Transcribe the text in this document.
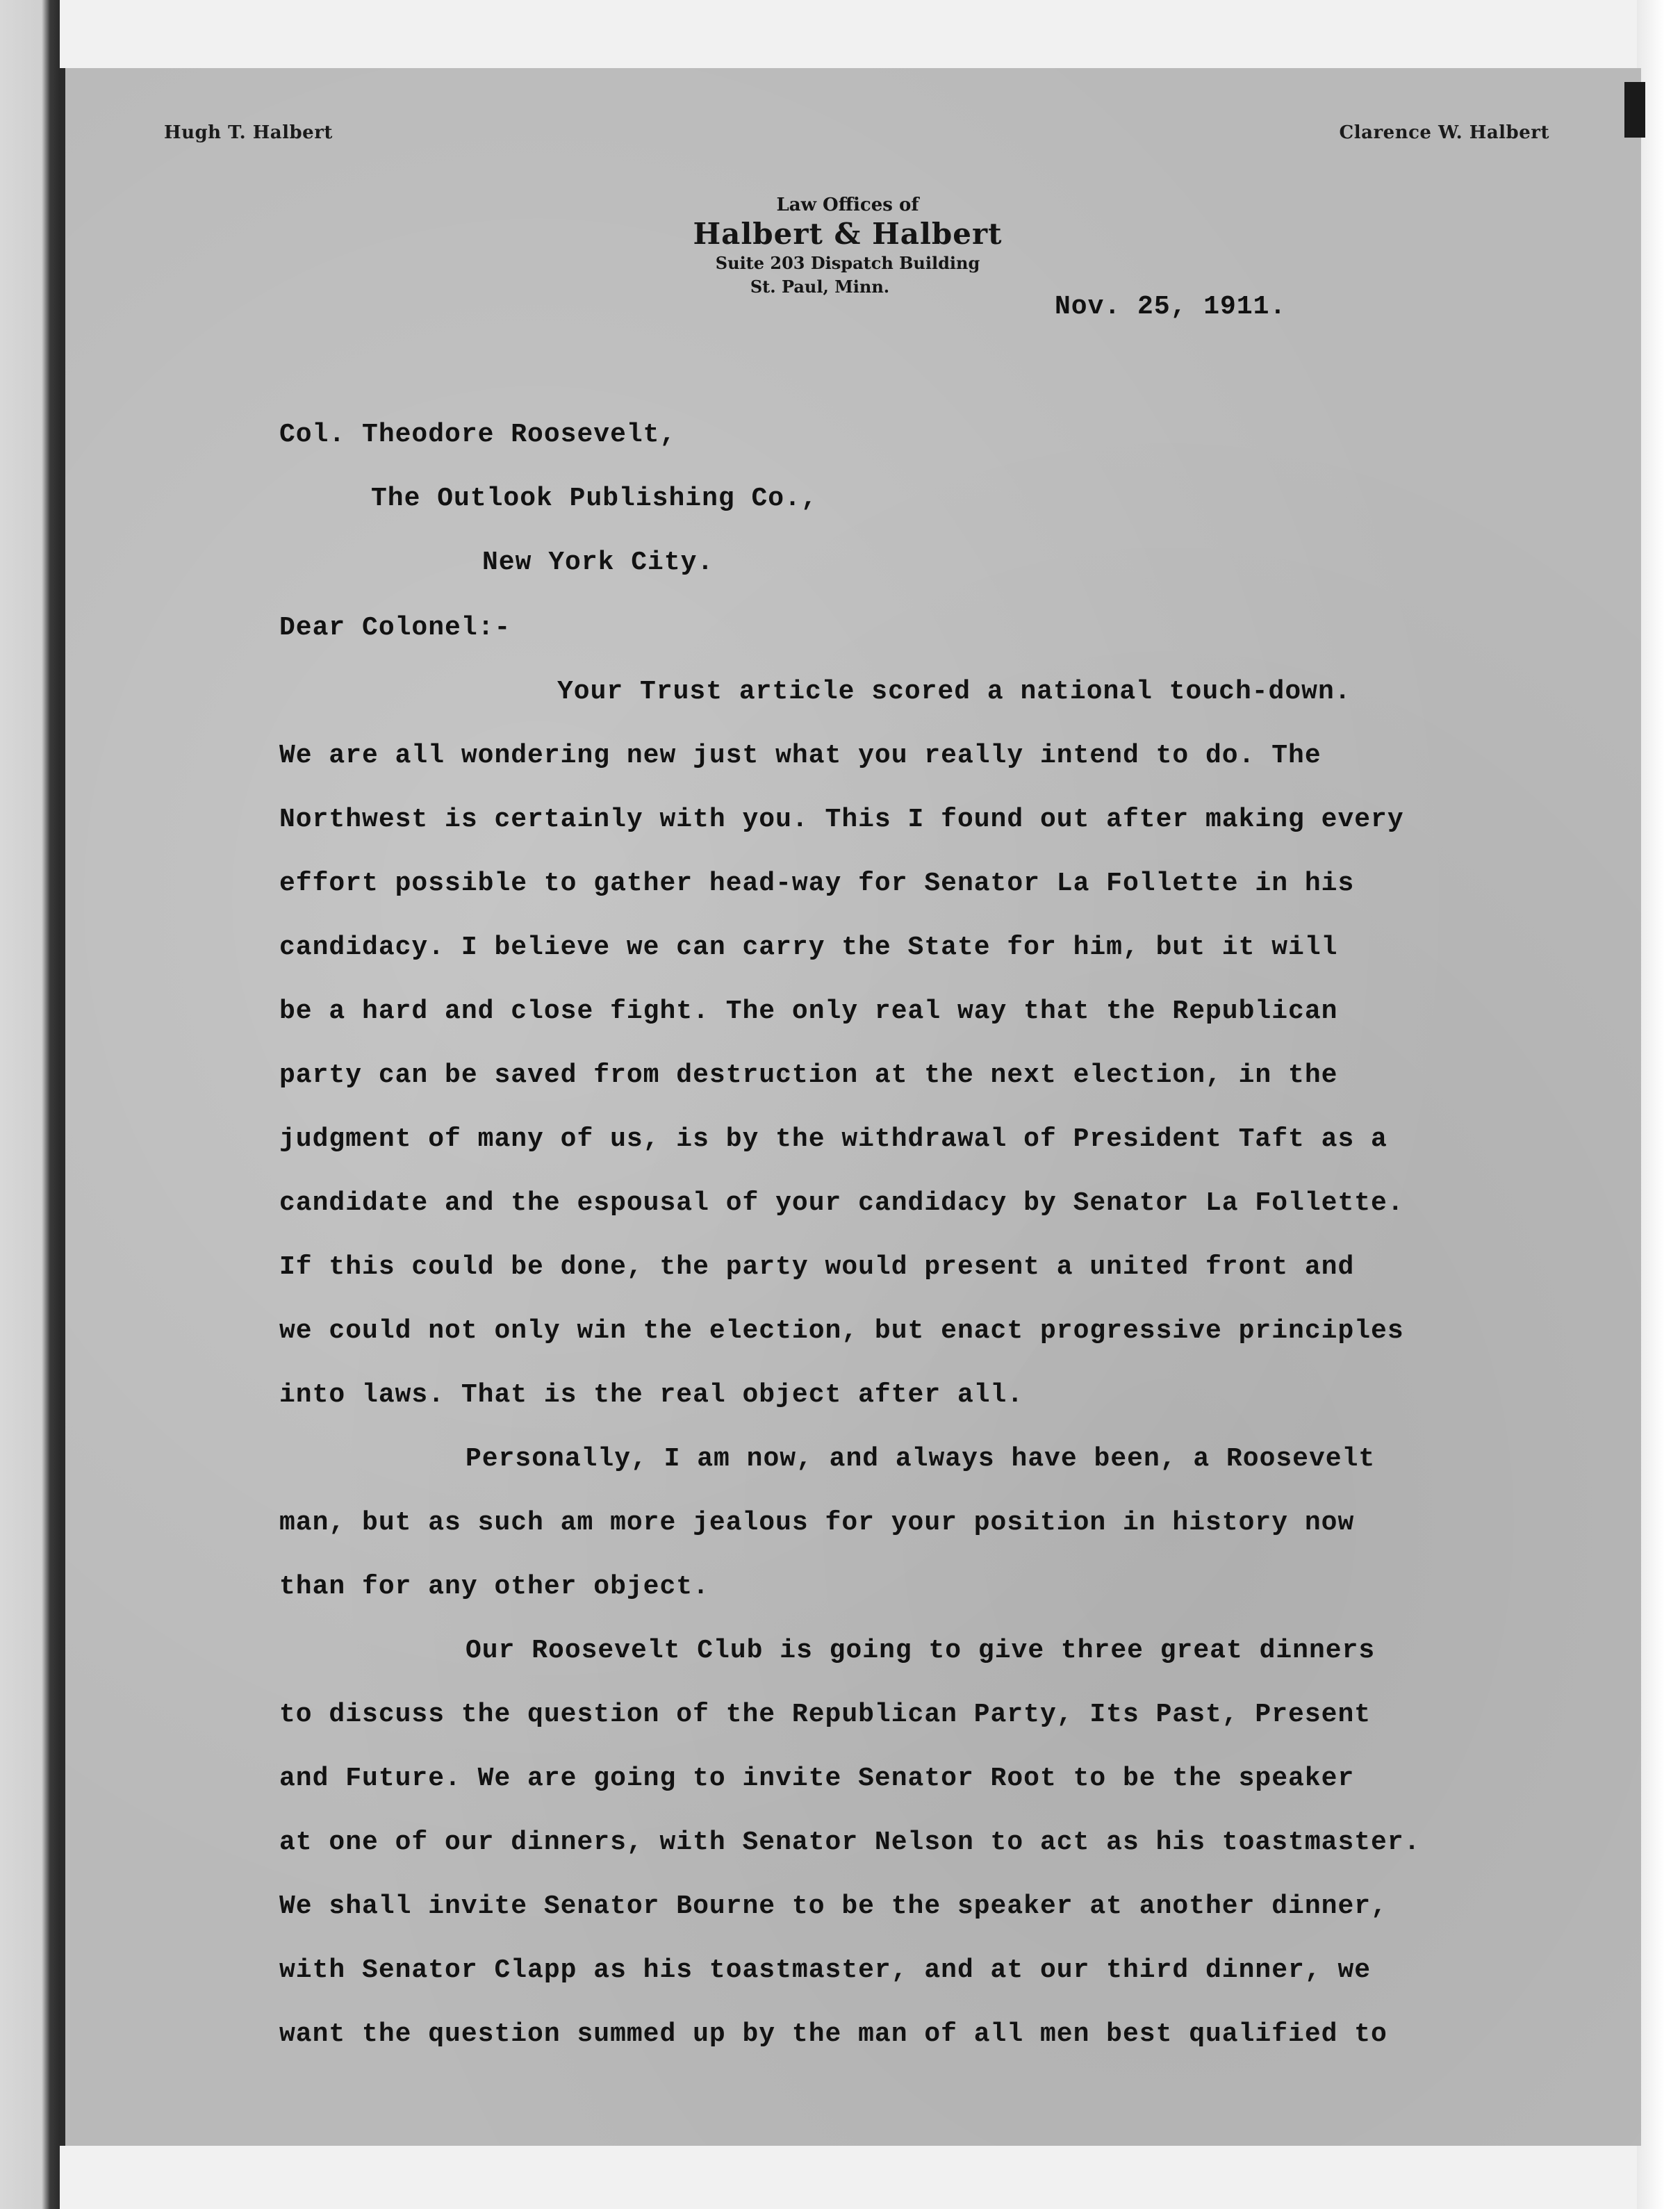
Hugh T. Halbert	Clarence W. Halbert
Law Offices of
Halbert & Halbert
Suite 203 Dispatch Building
St. Paul, Minn.
Nov. 25, 1911.
Col. Theodore Roosevelt,
The Outlook Publishing Co.,
New York City.
Dear Colonel:-
Your Trust article scored a national touch-down.
We are all wondering new just what you really intend to do. The
Northwest is certainly with you. This I found out after making every
effort possible to gather head-way for Senator La Follette in his
candidacy. I believe we can carry the State for him, but it will
be a hard and close fight. The only real way that the Republican
party can be saved from destruction at the next election, in the
judgment of many of us, is by the withdrawal of President Taft as a
candidate and the espousal of your candidacy by Senator La Follette.
If this could be done, the party would present a united front and
we could not only win the election, but enact progressive principles
into laws. That is the real object after all.
Personally, I am now, and always have been, a Roosevelt
man, but as such am more jealous for your position in history now
than for any other object.
Our Roosevelt Club is going to give three great dinners
to discuss the question of the Republican Party, Its Past, Present
and Future. We are going to invite Senator Root to be the speaker
at one of our dinners, with Senator Nelson to act as his toastmaster.
We shall invite Senator Bourne to be the speaker at another dinner,
with Senator Clapp as his toastmaster, and at our third dinner, we
want the question summed up by the man of all men best qualified to
